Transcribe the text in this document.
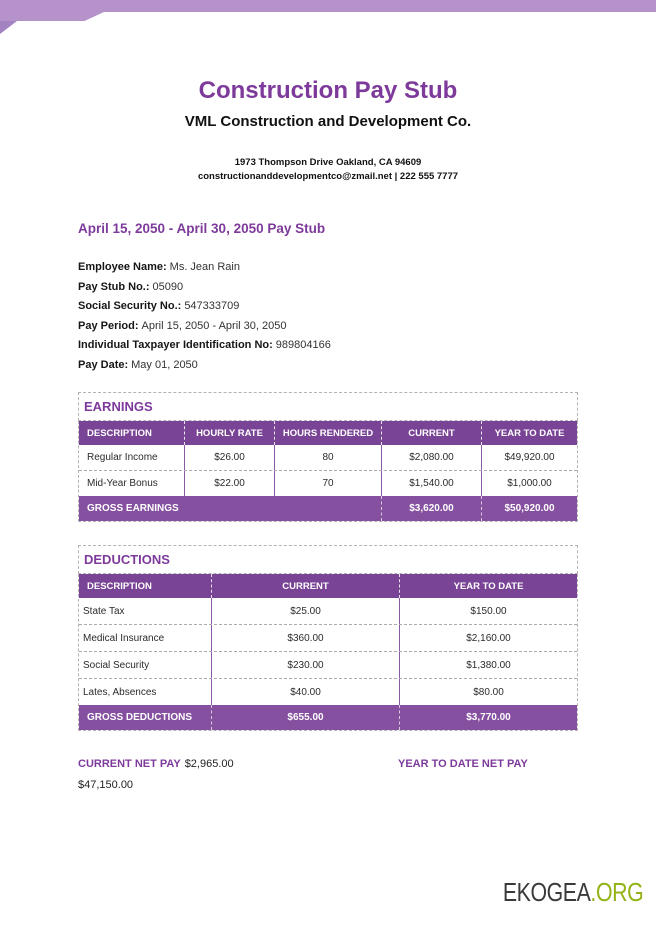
Construction Pay Stub
VML Construction and Development Co.
1973 Thompson Drive Oakland, CA 94609
constructionanddevelopmentco@zmail.net | 222 555 7777
April 15, 2050 - April 30, 2050 Pay Stub
Employee Name: Ms. Jean Rain
Pay Stub No.: 05090
Social Security No.: 547333709
Pay Period: April 15, 2050 - April 30, 2050
Individual Taxpayer Identification No: 989804166
Pay Date: May 01, 2050
EARNINGS
DESCRIPTION	HOURLY RATE	HOURS RENDERED	CURRENT	YEAR TO DATE
Regular Income	$26.00	80	$2,080.00	$49,920.00
Mid-Year Bonus	$22.00	70	$1,540.00	$1,000.00
GROSS EARNINGS	$3,620.00	$50,920.00
DEDUCTIONS
DESCRIPTION	CURRENT	YEAR TO DATE
State Tax	$25.00	$150.00
Medical Insurance	$360.00	$2,160.00
Social Security	$230.00	$1,380.00
Lates, Absences	$40.00	$80.00
GROSS DEDUCTIONS	$655.00	$3,770.00
CURRENT NET PAY $2,965.00	YEAR TO DATE NET PAY
$47,150.00
EKOGEA.ORG
